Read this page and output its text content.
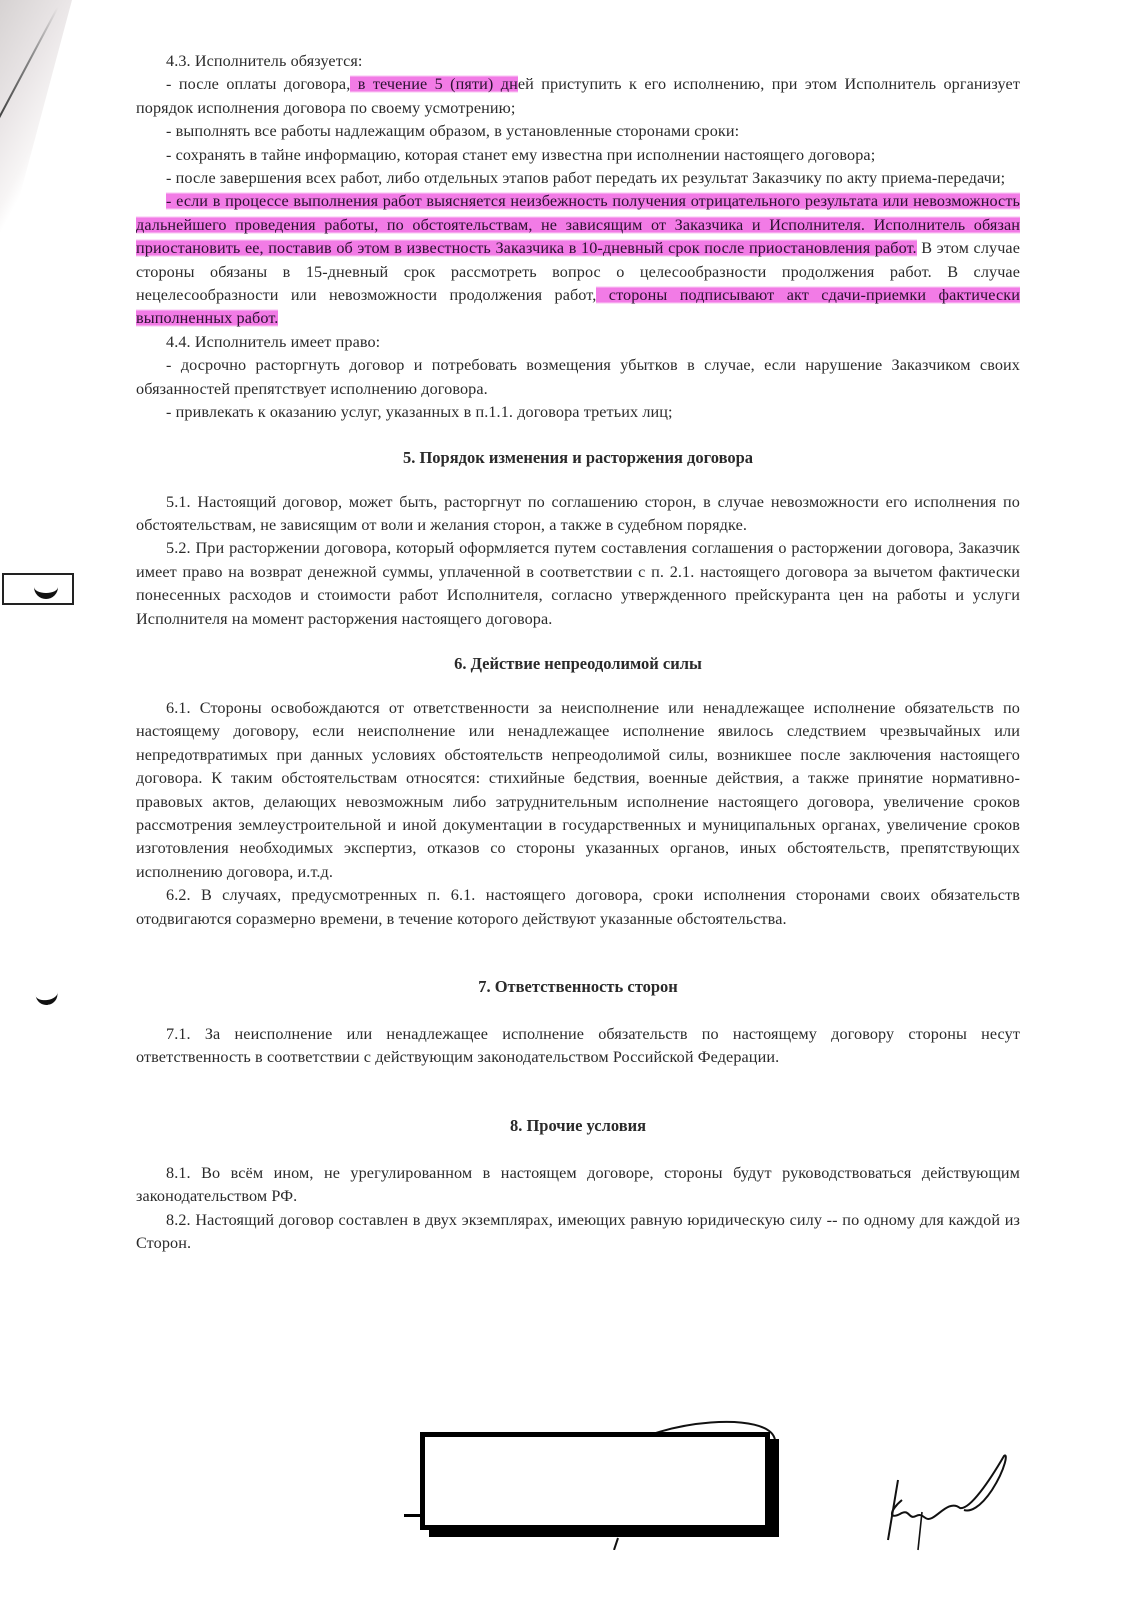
4.3. Исполнитель обязуется:

- после оплаты договора, в течение 5 (пяти) дней приступить к его исполнению, при этом Исполнитель организует порядок исполнения договора по своему усмотрению;

- выполнять все работы надлежащим образом, в установленные сторонами сроки:

- сохранять в тайне информацию, которая станет ему известна при исполнении настоящего договора;

- после завершения всех работ, либо отдельных этапов работ передать их результат Заказчику по акту приема-передачи;

- если в процессе выполнения работ выясняется неизбежность получения отрицательного результата или невозможность дальнейшего проведения работы, по обстоятельствам, не зависящим от Заказчика и Исполнителя. Исполнитель обязан приостановить ее, поставив об этом в известность Заказчика в 10-дневный срок после приостановления работ. В этом случае стороны обязаны в 15-дневный срок рассмотреть вопрос о целесообразности продолжения работ. В случае нецелесообразности или невозможности продолжения работ, стороны подписывают акт сдачи-приемки фактически выполненных работ.

4.4. Исполнитель имеет право:

- досрочно расторгнуть договор и потребовать возмещения убытков в случае, если нарушение Заказчиком своих обязанностей препятствует исполнению договора.

- привлекать к оказанию услуг, указанных в п.1.1. договора третьих лиц;

5. Порядок изменения и расторжения договора

5.1. Настоящий договор, может быть, расторгнут по соглашению сторон, в случае невозможности его исполнения по обстоятельствам, не зависящим от воли и желания сторон, а также в судебном порядке.

5.2. При расторжении договора, который оформляется путем составления соглашения о расторжении договора, Заказчик имеет право на возврат денежной суммы, уплаченной в соответствии с п. 2.1. настоящего договора за вычетом фактически понесенных расходов и стоимости работ Исполнителя, согласно утвержденного прейскуранта цен на работы и услуги Исполнителя на момент расторжения настоящего договора.

6. Действие непреодолимой силы

6.1. Стороны освобождаются от ответственности за неисполнение или ненадлежащее исполнение обязательств по настоящему договору, если неисполнение или ненадлежащее исполнение явилось следствием чрезвычайных или непредотвратимых при данных условиях обстоятельств непреодолимой силы, возникшее после заключения настоящего договора. К таким обстоятельствам относятся: стихийные бедствия, военные действия, а также принятие нормативно-правовых актов, делающих невозможным либо затруднительным исполнение настоящего договора, увеличение сроков рассмотрения землеустроительной и иной документации в государственных и муниципальных органах, увеличение сроков изготовления необходимых экспертиз, отказов со стороны указанных органов, иных обстоятельств, препятствующих исполнению договора, и.т.д.

6.2. В случаях, предусмотренных п. 6.1. настоящего договора, сроки исполнения сторонами своих обязательств отодвигаются соразмерно времени, в течение которого действуют указанные обстоятельства.

7. Ответственность сторон

7.1. За неисполнение или ненадлежащее исполнение обязательств по настоящему договору стороны несут ответственность в соответствии с действующим законодательством Российской Федерации.

8. Прочие условия

8.1. Во всём ином, не урегулированном в настоящем договоре, стороны будут руководствоваться действующим законодательством РФ.

8.2. Настоящий договор составлен в двух экземплярах, имеющих равную юридическую силу -- по одному для каждой из Сторон.
